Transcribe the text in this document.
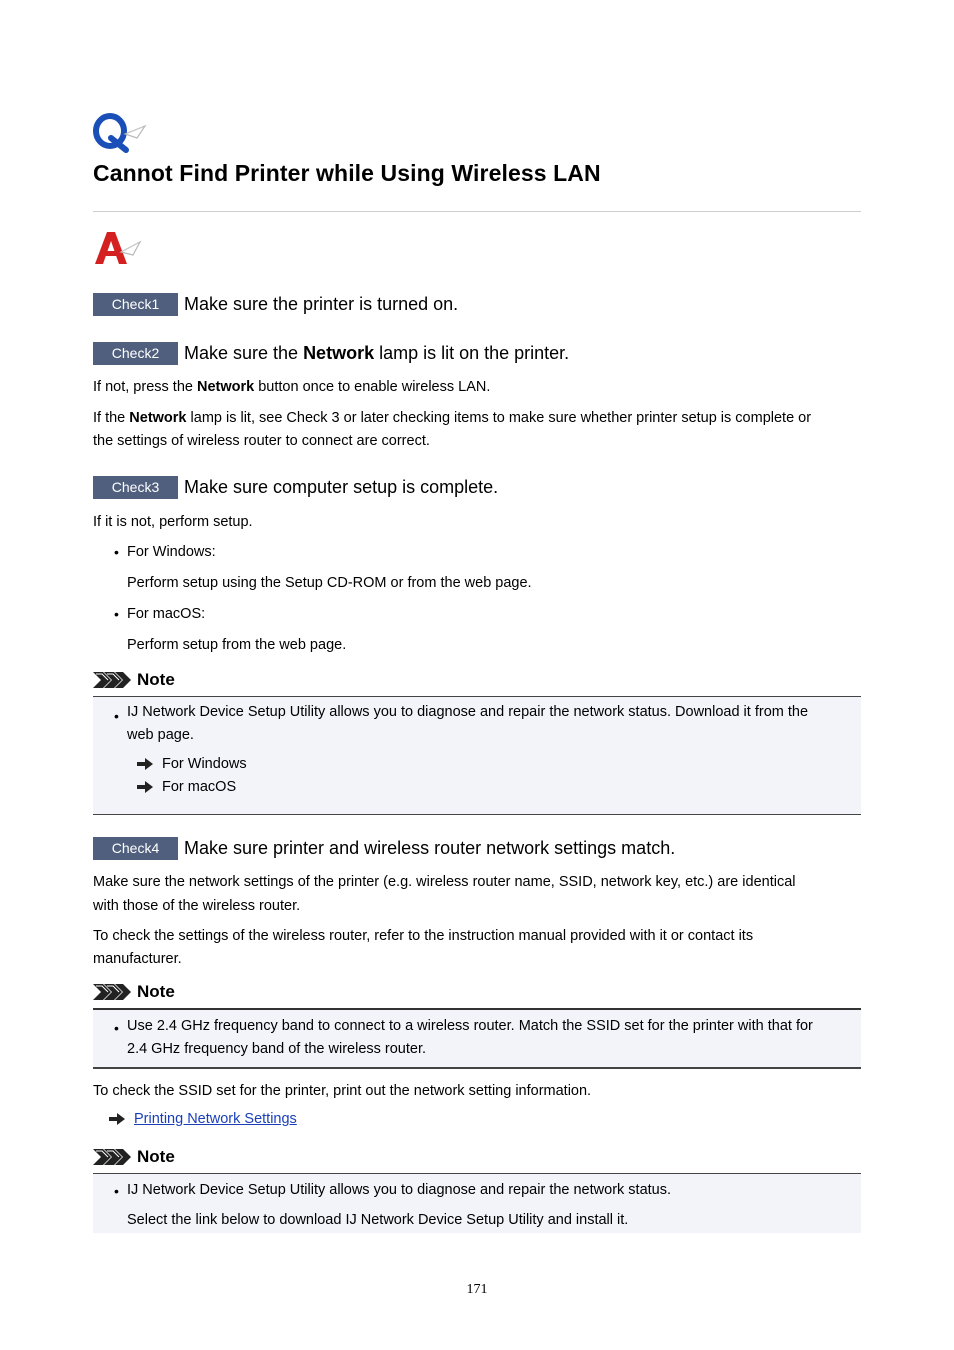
Cannot Find Printer while Using Wireless LAN
Check1	Make sure the printer is turned on.
Check2	Make sure the Network lamp is lit on the printer.
If not, press the Network button once to enable wireless LAN.
If the Network lamp is lit, see Check 3 or later checking items to make sure whether printer setup is complete or
the settings of wireless router to connect are correct.
Check3	Make sure computer setup is complete.
If it is not, perform setup.
• For Windows:
Perform setup using the Setup CD-ROM or from the web page.
• For macOS:
Perform setup from the web page.
Note
• IJ Network Device Setup Utility allows you to diagnose and repair the network status. Download it from the
web page.
For Windows
For macOS
Check4	Make sure printer and wireless router network settings match.
Make sure the network settings of the printer (e.g. wireless router name, SSID, network key, etc.) are identical
with those of the wireless router.
To check the settings of the wireless router, refer to the instruction manual provided with it or contact its
manufacturer.
Note
• Use 2.4 GHz frequency band to connect to a wireless router. Match the SSID set for the printer with that for
2.4 GHz frequency band of the wireless router.
To check the SSID set for the printer, print out the network setting information.
Printing Network Settings
Note
• IJ Network Device Setup Utility allows you to diagnose and repair the network status.
Select the link below to download IJ Network Device Setup Utility and install it.
171
